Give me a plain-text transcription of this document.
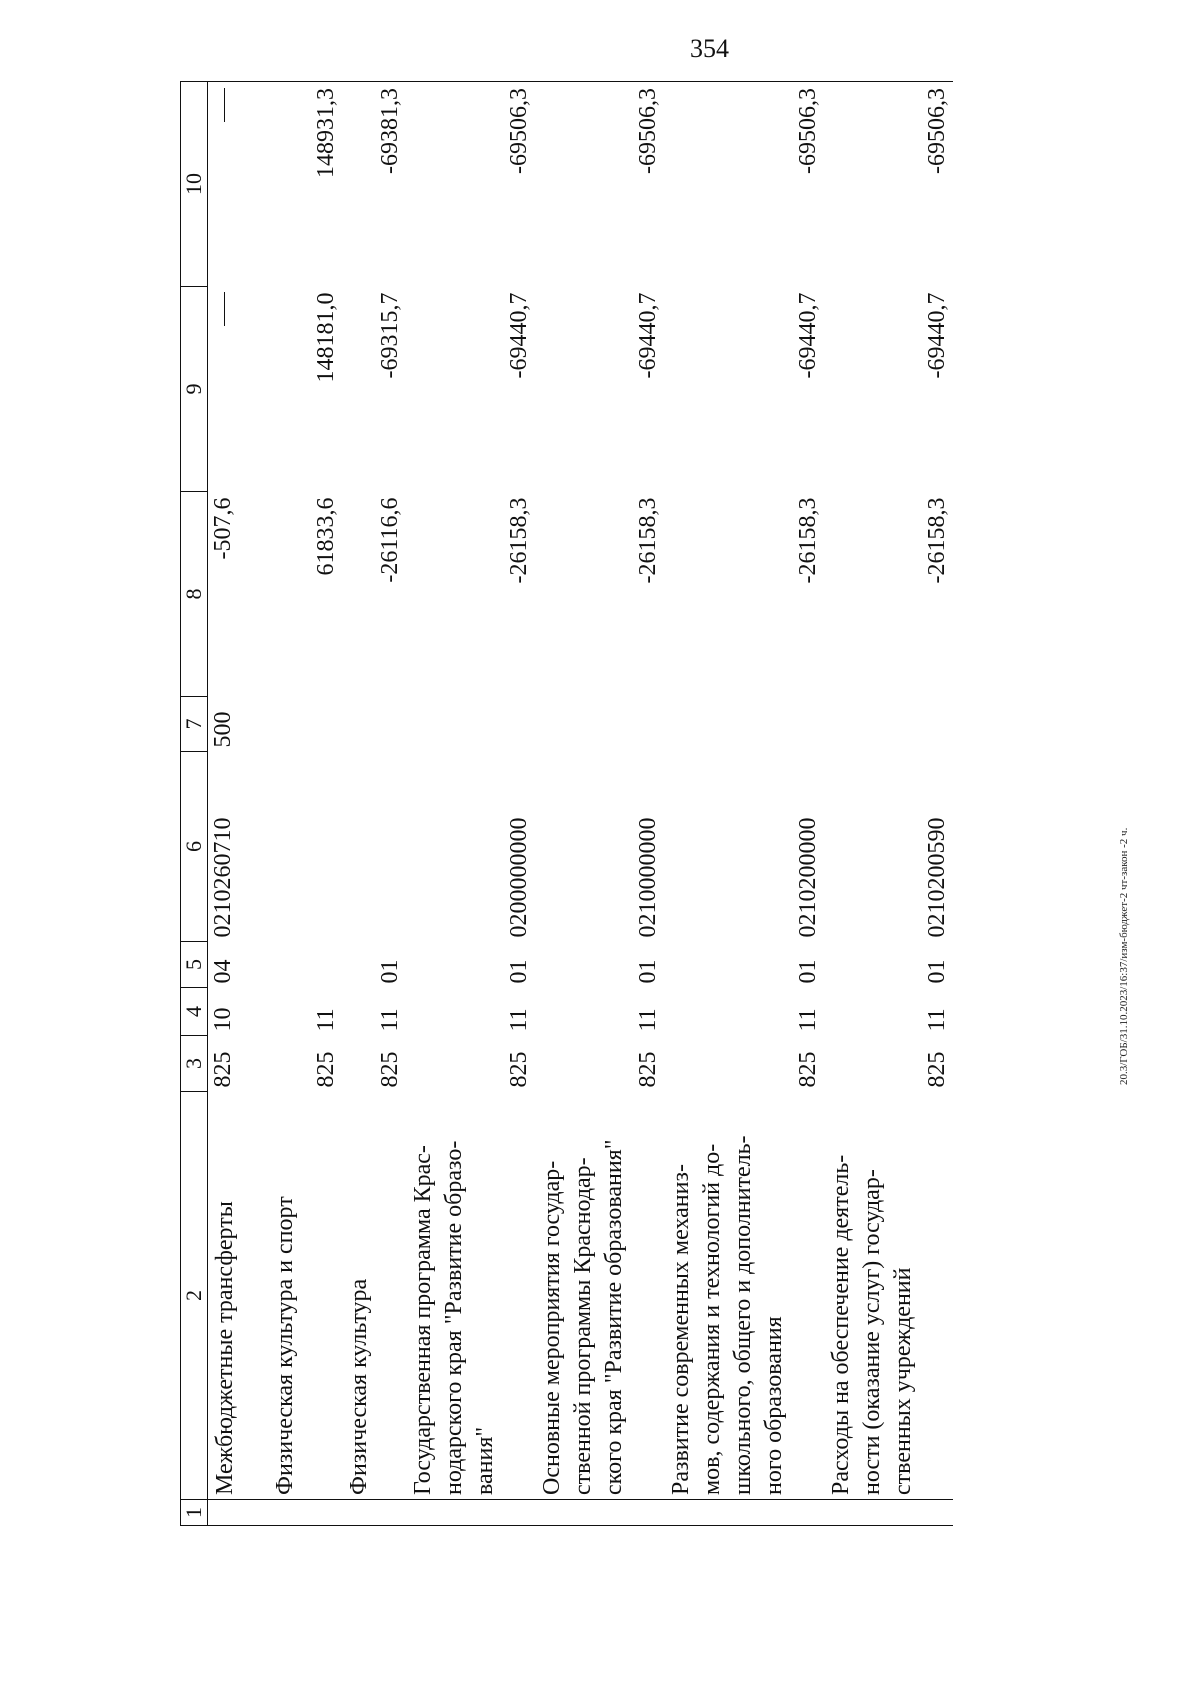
354
20.3/ГОБ/31.10.2023/16:37/изм-бюджет-2 чт-закон -2 ч.
1	2	3	4	5	6	7	8	9	10

	Межбюджетные трансферты	825	10	04	0210260710	500	-507,6		

	Физическая культура и спорт	825	11				61833,6	148181,0	148931,3

	Физическая культура	825	11	01			-26116,6	-69315,7	-69381,3

	Государственная программа Крас- нодарского края "Развитие образо- вания"	825	11	01	0200000000		-26158,3	-69440,7	-69506,3

	Основные мероприятия государ- ственной программы Краснодар- ского края "Развитие образования"	825	11	01	0210000000		-26158,3	-69440,7	-69506,3

	Развитие современных механиз- мов, содержания и технологий до- школьного, общего и дополнитель- ного образования	825	11	01	0210200000		-26158,3	-69440,7	-69506,3

	Расходы на обеспечение деятель- ности (оказание услуг) государ- ственных учреждений	825	11	01	0210200590		-26158,3	-69440,7	-69506,3
